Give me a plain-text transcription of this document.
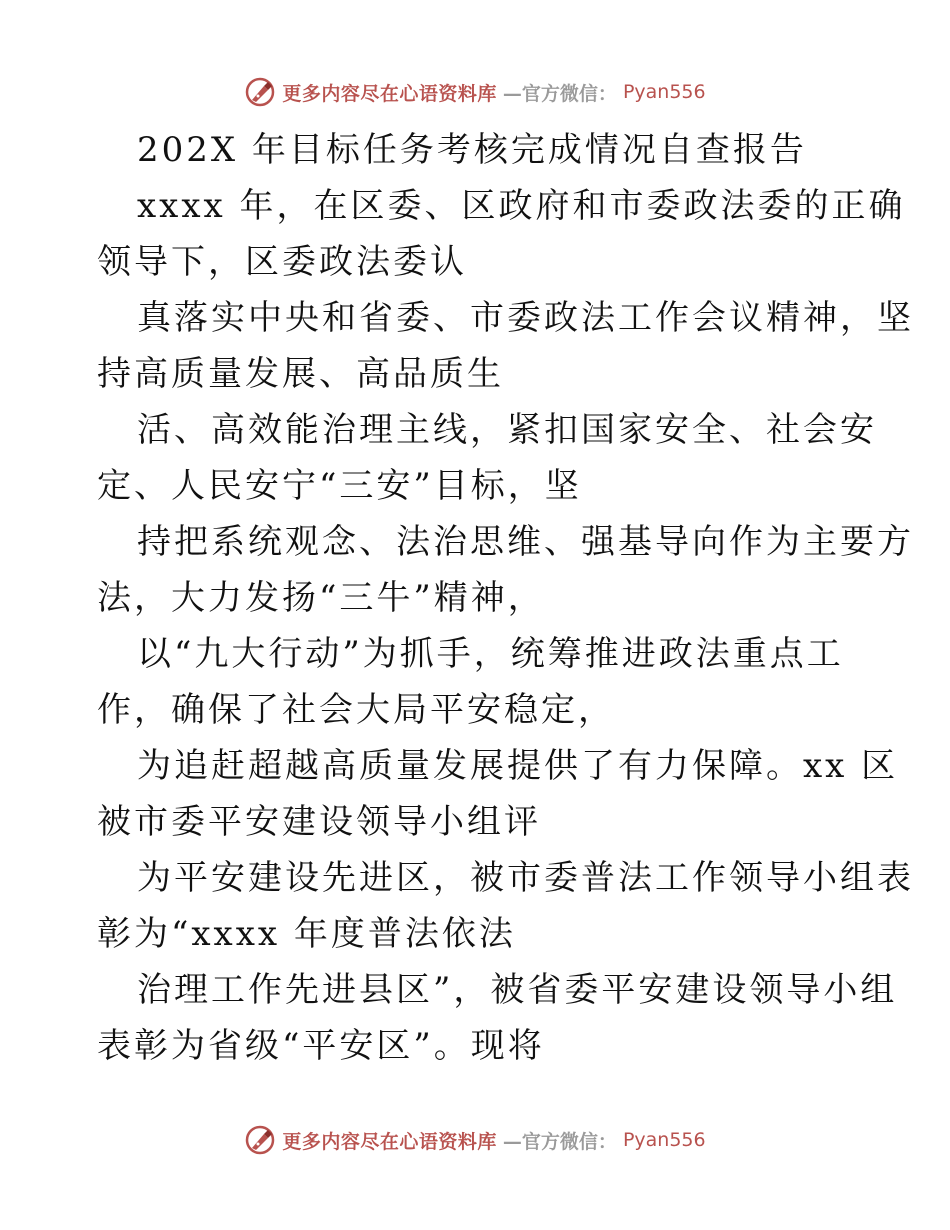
更多内容尽在心语资料库 —官方微信： Pyan556
202X 年目标任务考核完成情况自查报告
xxxx 年，在区委、区政府和市委政法委的正确
领导下，区委政法委认
真落实中央和省委、市委政法工作会议精神，坚
持高质量发展、高品质生
活、高效能治理主线，紧扣国家安全、社会安
定、人民安宁“三安”目标，坚
持把系统观念、法治思维、强基导向作为主要方
法，大力发扬“三牛”精神，
以“九大行动”为抓手，统筹推进政法重点工
作，确保了社会大局平安稳定，
为追赶超越高质量发展提供了有力保障。xx 区
被市委平安建设领导小组评
为平安建设先进区，被市委普法工作领导小组表
彰为“xxxx 年度普法依法
治理工作先进县区”，被省委平安建设领导小组
表彰为省级“平安区”。现将
更多内容尽在心语资料库 —官方微信： Pyan556
